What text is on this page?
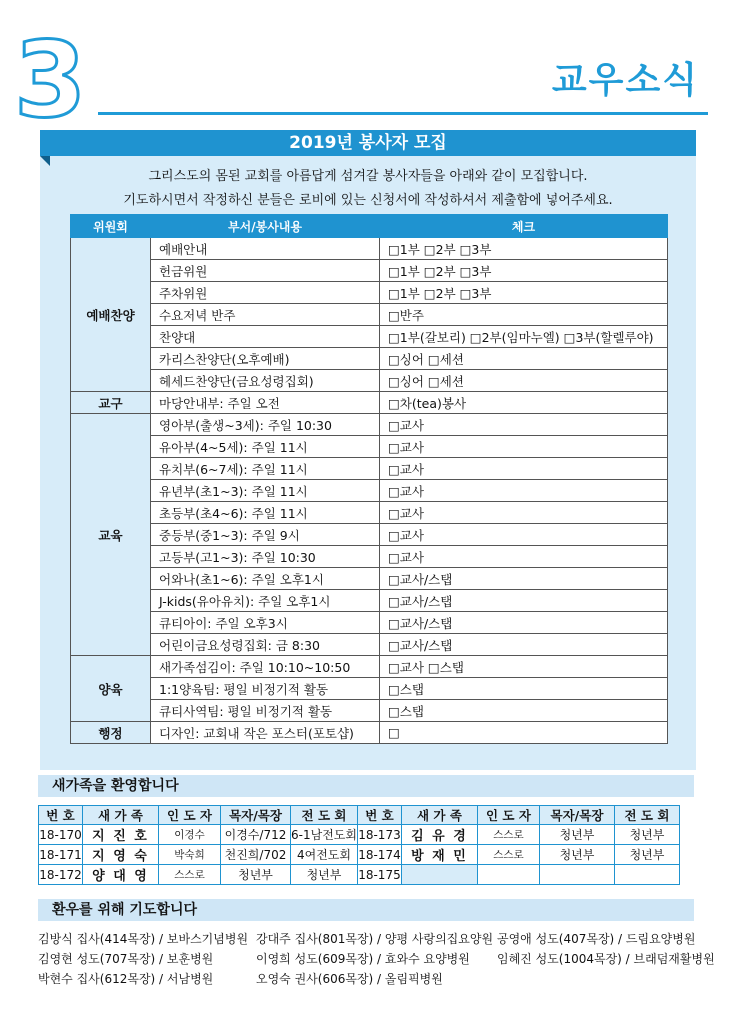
3	교우소식
2019년 봉사자 모집
그리스도의 몸된 교회를 아름답게 섬겨갈 봉사자들을 아래와 같이 모집합니다.
기도하시면서 작정하신 분들은 로비에 있는 신청서에 작성하셔서 제출함에 넣어주세요.
위원회	부서/봉사내용	체크
예배찬양	예배안내	□1부 □2부 □3부
	헌금위원	□1부 □2부 □3부
	주차위원	□1부 □2부 □3부
	수요저녁 반주	□반주
	찬양대	□1부(갈보리) □2부(임마누엘) □3부(할렐루야)
	카리스찬양단(오후예배)	□싱어 □세션
	헤세드찬양단(금요성령집회)	□싱어 □세션
교구	마당안내부: 주일 오전	□차(tea)봉사
교육	영아부(출생~3세): 주일 10:30	□교사
	유아부(4~5세): 주일 11시	□교사
	유치부(6~7세): 주일 11시	□교사
	유년부(초1~3): 주일 11시	□교사
	초등부(초4~6): 주일 11시	□교사
	중등부(중1~3): 주일 9시	□교사
	고등부(고1~3): 주일 10:30	□교사
	어와나(초1~6): 주일 오후1시	□교사/스탭
	J-kids(유아유치): 주일 오후1시	□교사/스탭
	큐티아이: 주일 오후3시	□교사/스탭
	어린이금요성령집회: 금 8:30	□교사/스탭
양육	새가족섬김이: 주일 10:10~10:50	□교사 □스탭
	1:1양육팀: 평일 비정기적 활동	□스탭
	큐티사역팀: 평일 비정기적 활동	□스탭
행정	디자인: 교회내 작은 포스터(포토샵)	□
새가족을 환영합니다
번 호	새 가 족	인 도 자	목자/목장	전 도 회	번 호	새 가 족	인 도 자	목자/목장	전 도 회
18-170	지 진 호	이경수	이경수/712	6-1남전도회	18-173	김 유 경	스스로	청년부	청년부
18-171	지 영 숙	박숙희	천진희/702	4여전도회	18-174	방 재 민	스스로	청년부	청년부
18-172	양 대 영	스스로	청년부	청년부	18-175				
환우를 위해 기도합니다
김방식 집사(414목장) / 보바스기념병원
김영현 성도(707목장) / 보훈병원
박현수 집사(612목장) / 서남병원
강대주 집사(801목장) / 양평 사랑의집요양원
이영희 성도(609목장) / 효와수 요양병원
오영숙 권사(606목장) / 올림픽병원
공영애 성도(407목장) / 드림요양병원
임혜진 성도(1004목장) / 브래덤재활병원
